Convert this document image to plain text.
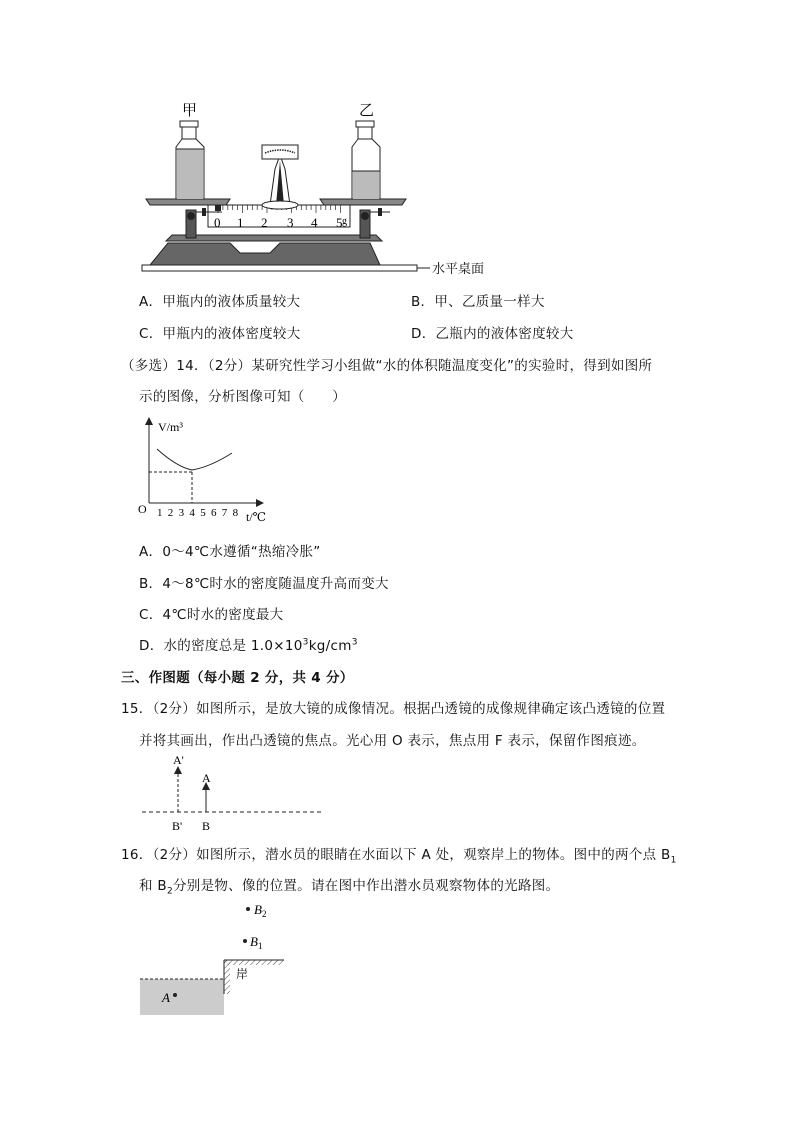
水平桌面
0 1 2 3 4 5 g
甲	乙
A．甲瓶内的液体质量较大	B．甲、乙质量一样大
C．甲瓶内的液体密度较大	D．乙瓶内的液体密度较大
（多选）14．（2分）某研究性学习小组做“水的体积随温度变化”的实验时，得到如图所
示的图像，分析图像可知（　　）
V/m³
O
t/℃
1 2 3 4 5 6 7 8
A．0～4℃水遵循“热缩冷胀”
B．4～8℃时水的密度随温度升高而变大
C．4℃时水的密度最大
D．水的密度总是 $1.0\times 10^3kg/cm^3$
三、作图题（每小题 2 分，共 4 分）
15．（2分）如图所示，是放大镜的成像情况。根据凸透镜的成像规律确定该凸透镜的位置
并将其画出，作出凸透镜的焦点。光心用 O 表示，焦点用 F 表示，保留作图痕迹。
A'
A
B' B
16．（2分）如图所示，潜水员的眼睛在水面以下 A 处，观察岸上的物体。图中的两个点 $B_1$
和 $B_2$分别是物、像的位置。请在图中作出潜水员观察物体的光路图。
岸
$B_2$
$B_1$
A
